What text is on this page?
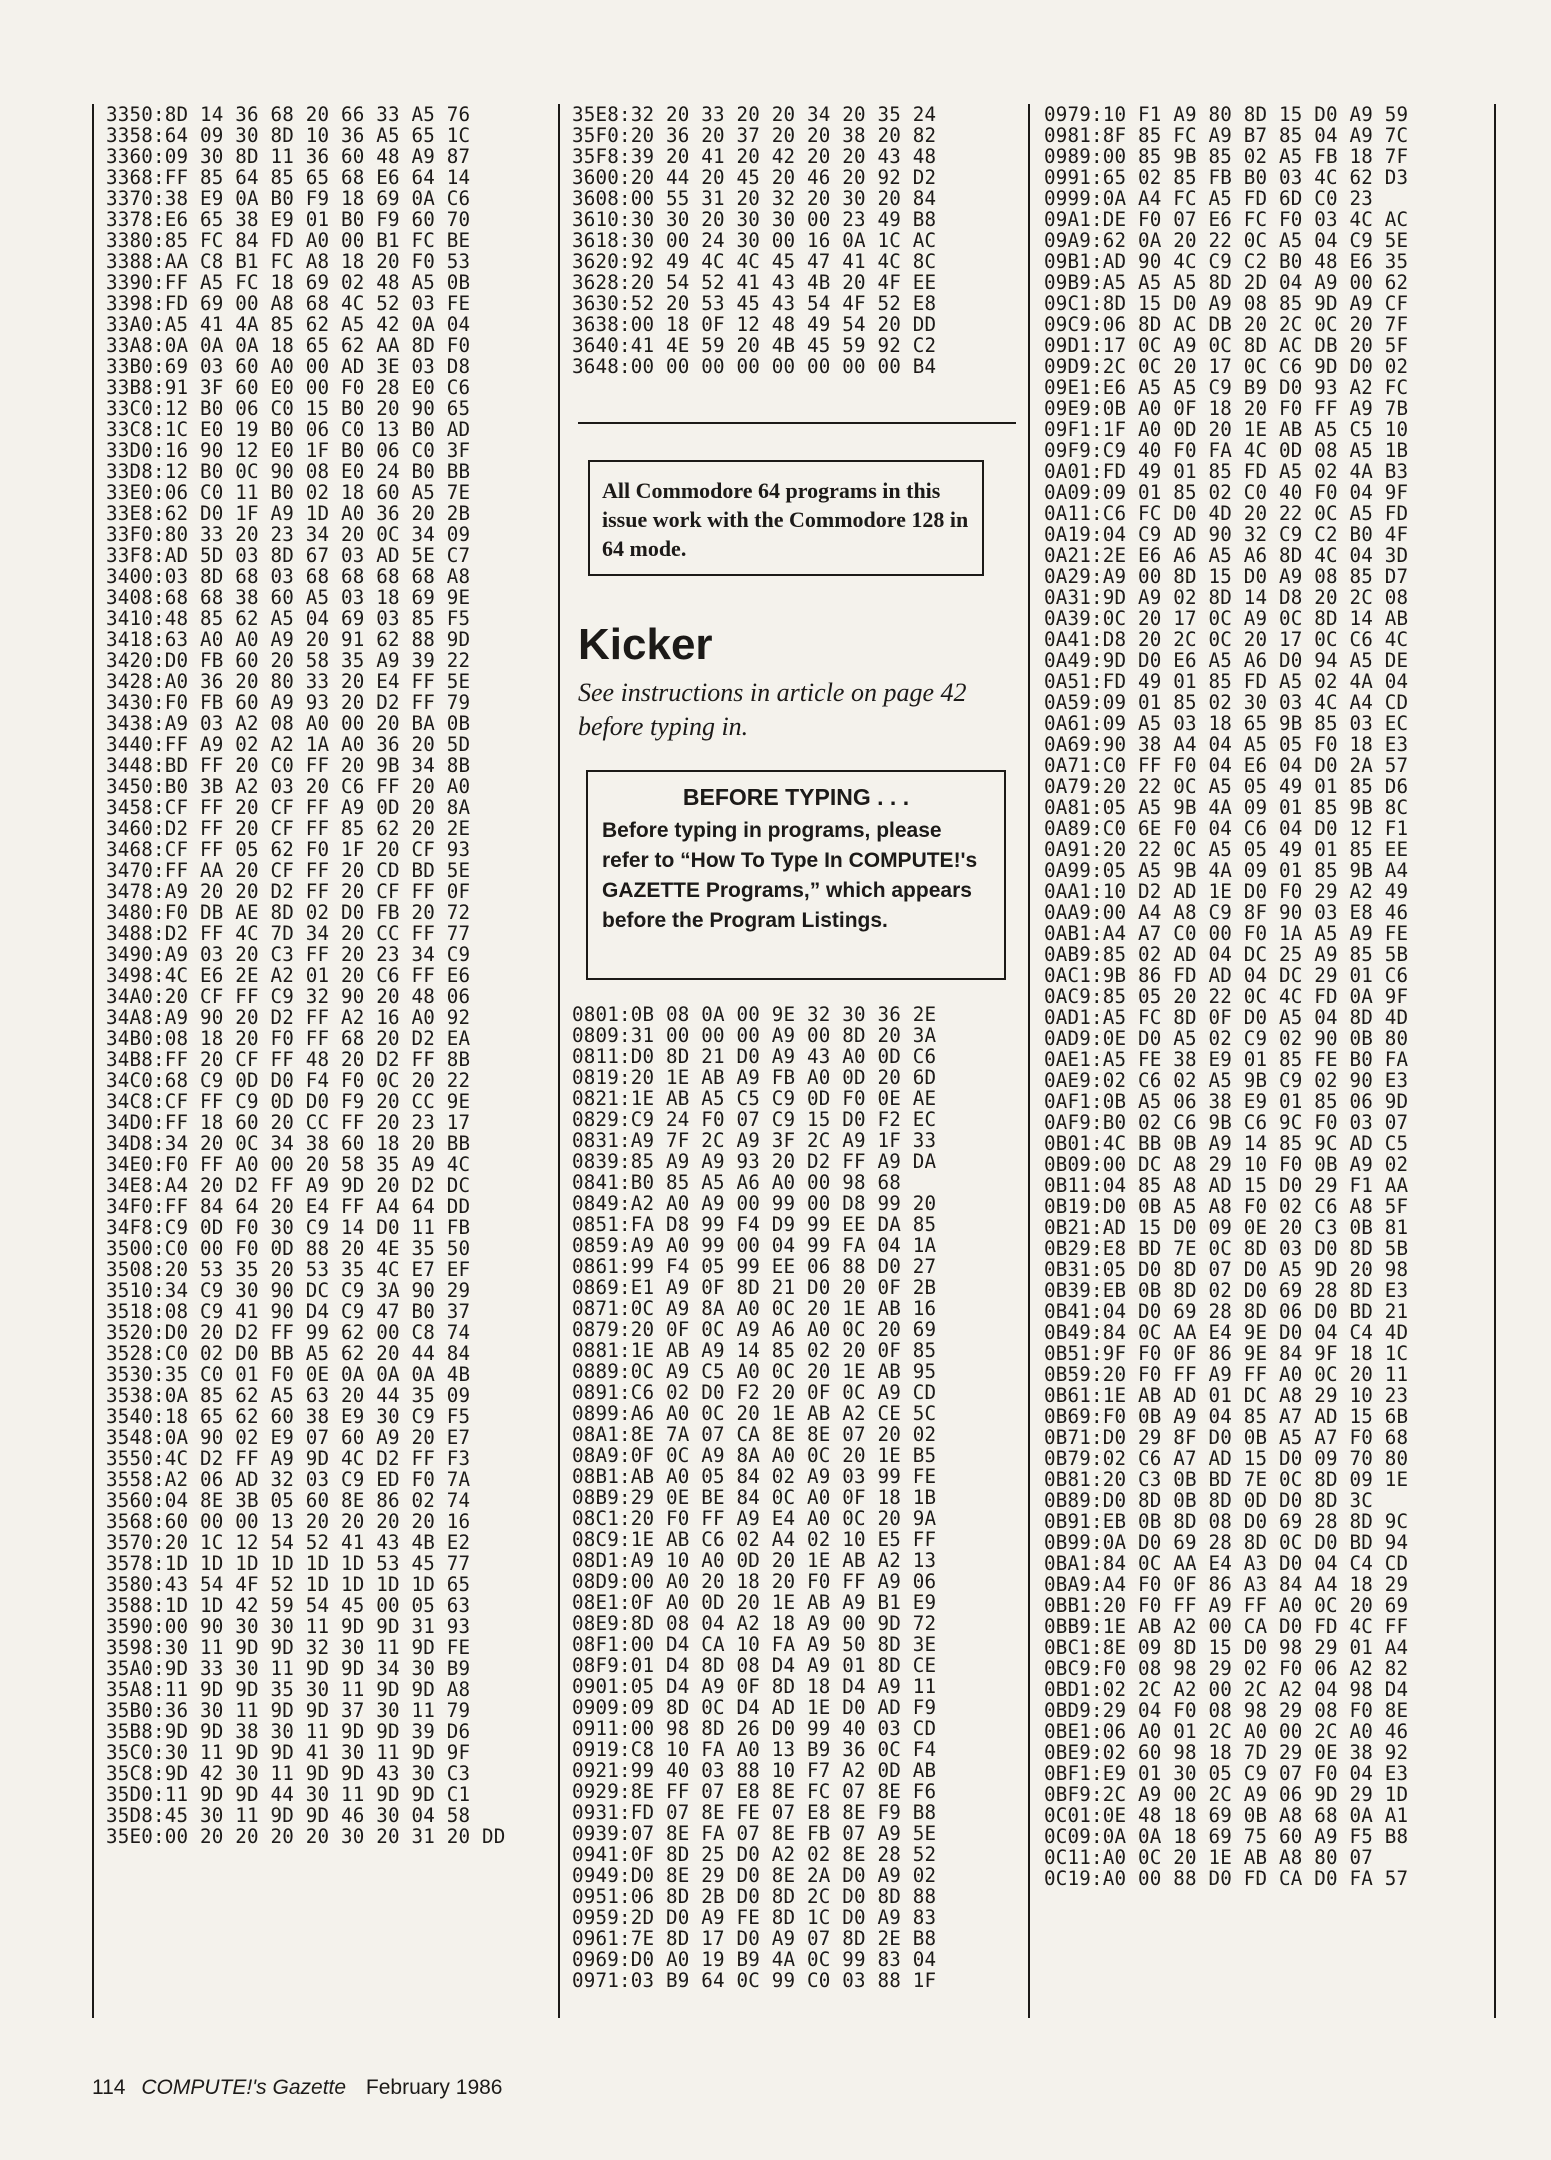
3350:8D 14 36 68 20 66 33 A5 76
3358:64 09 30 8D 10 36 A5 65 1C
3360:09 30 8D 11 36 60 48 A9 87
3368:FF 85 64 85 65 68 E6 64 14
3370:38 E9 0A B0 F9 18 69 0A C6
3378:E6 65 38 E9 01 B0 F9 60 70
3380:85 FC 84 FD A0 00 B1 FC BE
3388:AA C8 B1 FC A8 18 20 F0 53
3390:FF A5 FC 18 69 02 48 A5 0B
3398:FD 69 00 A8 68 4C 52 03 FE
33A0:A5 41 4A 85 62 A5 42 0A 04
33A8:0A 0A 0A 18 65 62 AA 8D F0
33B0:69 03 60 A0 00 AD 3E 03 D8
33B8:91 3F 60 E0 00 F0 28 E0 C6
33C0:12 B0 06 C0 15 B0 20 90 65
33C8:1C E0 19 B0 06 C0 13 B0 AD
33D0:16 90 12 E0 1F B0 06 C0 3F
33D8:12 B0 0C 90 08 E0 24 B0 BB
33E0:06 C0 11 B0 02 18 60 A5 7E
33E8:62 D0 1F A9 1D A0 36 20 2B
33F0:80 33 20 23 34 20 0C 34 09
33F8:AD 5D 03 8D 67 03 AD 5E C7
3400:03 8D 68 03 68 68 68 68 A8
3408:68 68 38 60 A5 03 18 69 9E
3410:48 85 62 A5 04 69 03 85 F5
3418:63 A0 A0 A9 20 91 62 88 9D
3420:D0 FB 60 20 58 35 A9 39 22
3428:A0 36 20 80 33 20 E4 FF 5E
3430:F0 FB 60 A9 93 20 D2 FF 79
3438:A9 03 A2 08 A0 00 20 BA 0B
3440:FF A9 02 A2 1A A0 36 20 5D
3448:BD FF 20 C0 FF 20 9B 34 8B
3450:B0 3B A2 03 20 C6 FF 20 A0
3458:CF FF 20 CF FF A9 0D 20 8A
3460:D2 FF 20 CF FF 85 62 20 2E
3468:CF FF 05 62 F0 1F 20 CF 93
3470:FF AA 20 CF FF 20 CD BD 5E
3478:A9 20 20 D2 FF 20 CF FF 0F
3480:F0 DB AE 8D 02 D0 FB 20 72
3488:D2 FF 4C 7D 34 20 CC FF 77
3490:A9 03 20 C3 FF 20 23 34 C9
3498:4C E6 2E A2 01 20 C6 FF E6
34A0:20 CF FF C9 32 90 20 48 06
34A8:A9 90 20 D2 FF A2 16 A0 92
34B0:08 18 20 F0 FF 68 20 D2 EA
34B8:FF 20 CF FF 48 20 D2 FF 8B
34C0:68 C9 0D D0 F4 F0 0C 20 22
34C8:CF FF C9 0D D0 F9 20 CC 9E
34D0:FF 18 60 20 CC FF 20 23 17
34D8:34 20 0C 34 38 60 18 20 BB
34E0:F0 FF A0 00 20 58 35 A9 4C
34E8:A4 20 D2 FF A9 9D 20 D2 DC
34F0:FF 84 64 20 E4 FF A4 64 DD
34F8:C9 0D F0 30 C9 14 D0 11 FB
3500:C0 00 F0 0D 88 20 4E 35 50
3508:20 53 35 20 53 35 4C E7 EF
3510:34 C9 30 90 DC C9 3A 90 29
3518:08 C9 41 90 D4 C9 47 B0 37
3520:D0 20 D2 FF 99 62 00 C8 74
3528:C0 02 D0 BB A5 62 20 44 84
3530:35 C0 01 F0 0E 0A 0A 0A 4B
3538:0A 85 62 A5 63 20 44 35 09
3540:18 65 62 60 38 E9 30 C9 F5
3548:0A 90 02 E9 07 60 A9 20 E7
3550:4C D2 FF A9 9D 4C D2 FF F3
3558:A2 06 AD 32 03 C9 ED F0 7A
3560:04 8E 3B 05 60 8E 86 02 74
3568:60 00 00 13 20 20 20 20 16
3570:20 1C 12 54 52 41 43 4B E2
3578:1D 1D 1D 1D 1D 1D 53 45 77
3580:43 54 4F 52 1D 1D 1D 1D 65
3588:1D 1D 42 59 54 45 00 05 63
3590:00 90 30 30 11 9D 9D 31 93
3598:30 11 9D 9D 32 30 11 9D FE
35A0:9D 33 30 11 9D 9D 34 30 B9
35A8:11 9D 9D 35 30 11 9D 9D A8
35B0:36 30 11 9D 9D 37 30 11 79
35B8:9D 9D 38 30 11 9D 9D 39 D6
35C0:30 11 9D 9D 41 30 11 9D 9F
35C8:9D 42 30 11 9D 9D 43 30 C3
35D0:11 9D 9D 44 30 11 9D 9D C1
35D8:45 30 11 9D 9D 46 30 04 58
35E0:00 20 20 20 20 30 20 31 20 DD
35E8:32 20 33 20 20 34 20 35 24
35F0:20 36 20 37 20 20 38 20 82
35F8:39 20 41 20 42 20 20 43 48
3600:20 44 20 45 20 46 20 92 D2
3608:00 55 31 20 32 20 30 20 84
3610:30 30 20 30 30 00 23 49 B8
3618:30 00 24 30 00 16 0A 1C AC
3620:92 49 4C 4C 45 47 41 4C 8C
3628:20 54 52 41 43 4B 20 4F EE
3630:52 20 53 45 43 54 4F 52 E8
3638:00 18 0F 12 48 49 54 20 DD
3640:41 4E 59 20 4B 45 59 92 C2
3648:00 00 00 00 00 00 00 00 B4
0801:0B 08 0A 00 9E 32 30 36 2E
0809:31 00 00 00 A9 00 8D 20 3A
0811:D0 8D 21 D0 A9 43 A0 0D C6
0819:20 1E AB A9 FB A0 0D 20 6D
0821:1E AB A5 C5 C9 0D F0 0E AE
0829:C9 24 F0 07 C9 15 D0 F2 EC
0831:A9 7F 2C A9 3F 2C A9 1F 33
0839:85 A9 A9 93 20 D2 FF A9 DA
0841:B0 85 A5 A6 A0 00 98 68
0849:A2 A0 A9 00 99 00 D8 99 20
0851:FA D8 99 F4 D9 99 EE DA 85
0859:A9 A0 99 00 04 99 FA 04 1A
0861:99 F4 05 99 EE 06 88 D0 27
0869:E1 A9 0F 8D 21 D0 20 0F 2B
0871:0C A9 8A A0 0C 20 1E AB 16
0879:20 0F 0C A9 A6 A0 0C 20 69
0881:1E AB A9 14 85 02 20 0F 85
0889:0C A9 C5 A0 0C 20 1E AB 95
0891:C6 02 D0 F2 20 0F 0C A9 CD
0899:A6 A0 0C 20 1E AB A2 CE 5C
08A1:8E 7A 07 CA 8E 8E 07 20 02
08A9:0F 0C A9 8A A0 0C 20 1E B5
08B1:AB A0 05 84 02 A9 03 99 FE
08B9:29 0E BE 84 0C A0 0F 18 1B
08C1:20 F0 FF A9 E4 A0 0C 20 9A
08C9:1E AB C6 02 A4 02 10 E5 FF
08D1:A9 10 A0 0D 20 1E AB A2 13
08D9:00 A0 20 18 20 F0 FF A9 06
08E1:0F A0 0D 20 1E AB A9 B1 E9
08E9:8D 08 04 A2 18 A9 00 9D 72
08F1:00 D4 CA 10 FA A9 50 8D 3E
08F9:01 D4 8D 08 D4 A9 01 8D CE
0901:05 D4 A9 0F 8D 18 D4 A9 11
0909:09 8D 0C D4 AD 1E D0 AD F9
0911:00 98 8D 26 D0 99 40 03 CD
0919:C8 10 FA A0 13 B9 36 0C F4
0921:99 40 03 88 10 F7 A2 0D AB
0929:8E FF 07 E8 8E FC 07 8E F6
0931:FD 07 8E FE 07 E8 8E F9 B8
0939:07 8E FA 07 8E FB 07 A9 5E
0941:0F 8D 25 D0 A2 02 8E 28 52
0949:D0 8E 29 D0 8E 2A D0 A9 02
0951:06 8D 2B D0 8D 2C D0 8D 88
0959:2D D0 A9 FE 8D 1C D0 A9 83
0961:7E 8D 17 D0 A9 07 8D 2E B8
0969:D0 A0 19 B9 4A 0C 99 83 04
0971:03 B9 64 0C 99 C0 03 88 1F
0979:10 F1 A9 80 8D 15 D0 A9 59
0981:8F 85 FC A9 B7 85 04 A9 7C
0989:00 85 9B 85 02 A5 FB 18 7F
0991:65 02 85 FB B0 03 4C 62 D3
0999:0A A4 FC A5 FD 6D C0 23
09A1:DE F0 07 E6 FC F0 03 4C AC
09A9:62 0A 20 22 0C A5 04 C9 5E
09B1:AD 90 4C C9 C2 B0 48 E6 35
09B9:A5 A5 A5 8D 2D 04 A9 00 62
09C1:8D 15 D0 A9 08 85 9D A9 CF
09C9:06 8D AC DB 20 2C 0C 20 7F
09D1:17 0C A9 0C 8D AC DB 20 5F
09D9:2C 0C 20 17 0C C6 9D D0 02
09E1:E6 A5 A5 C9 B9 D0 93 A2 FC
09E9:0B A0 0F 18 20 F0 FF A9 7B
09F1:1F A0 0D 20 1E AB A5 C5 10
09F9:C9 40 F0 FA 4C 0D 08 A5 1B
0A01:FD 49 01 85 FD A5 02 4A B3
0A09:09 01 85 02 C0 40 F0 04 9F
0A11:C6 FC D0 4D 20 22 0C A5 FD
0A19:04 C9 AD 90 32 C9 C2 B0 4F
0A21:2E E6 A6 A5 A6 8D 4C 04 3D
0A29:A9 00 8D 15 D0 A9 08 85 D7
0A31:9D A9 02 8D 14 D8 20 2C 08
0A39:0C 20 17 0C A9 0C 8D 14 AB
0A41:D8 20 2C 0C 20 17 0C C6 4C
0A49:9D D0 E6 A5 A6 D0 94 A5 DE
0A51:FD 49 01 85 FD A5 02 4A 04
0A59:09 01 85 02 30 03 4C A4 CD
0A61:09 A5 03 18 65 9B 85 03 EC
0A69:90 38 A4 04 A5 05 F0 18 E3
0A71:C0 FF F0 04 E6 04 D0 2A 57
0A79:20 22 0C A5 05 49 01 85 D6
0A81:05 A5 9B 4A 09 01 85 9B 8C
0A89:C0 6E F0 04 C6 04 D0 12 F1
0A91:20 22 0C A5 05 49 01 85 EE
0A99:05 A5 9B 4A 09 01 85 9B A4
0AA1:10 D2 AD 1E D0 F0 29 A2 49
0AA9:00 A4 A8 C9 8F 90 03 E8 46
0AB1:A4 A7 C0 00 F0 1A A5 A9 FE
0AB9:85 02 AD 04 DC 25 A9 85 5B
0AC1:9B 86 FD AD 04 DC 29 01 C6
0AC9:85 05 20 22 0C 4C FD 0A 9F
0AD1:A5 FC 8D 0F D0 A5 04 8D 4D
0AD9:0E D0 A5 02 C9 02 90 0B 80
0AE1:A5 FE 38 E9 01 85 FE B0 FA
0AE9:02 C6 02 A5 9B C9 02 90 E3
0AF1:0B A5 06 38 E9 01 85 06 9D
0AF9:B0 02 C6 9B C6 9C F0 03 07
0B01:4C BB 0B A9 14 85 9C AD C5
0B09:00 DC A8 29 10 F0 0B A9 02
0B11:04 85 A8 AD 15 D0 29 F1 AA
0B19:D0 0B A5 A8 F0 02 C6 A8 5F
0B21:AD 15 D0 09 0E 20 C3 0B 81
0B29:E8 BD 7E 0C 8D 03 D0 8D 5B
0B31:05 D0 8D 07 D0 A5 9D 20 98
0B39:EB 0B 8D 02 D0 69 28 8D E3
0B41:04 D0 69 28 8D 06 D0 BD 21
0B49:84 0C AA E4 9E D0 04 C4 4D
0B51:9F F0 0F 86 9E 84 9F 18 1C
0B59:20 F0 FF A9 FF A0 0C 20 11
0B61:1E AB AD 01 DC A8 29 10 23
0B69:F0 0B A9 04 85 A7 AD 15 6B
0B71:D0 29 8F D0 0B A5 A7 F0 68
0B79:02 C6 A7 AD 15 D0 09 70 80
0B81:20 C3 0B BD 7E 0C 8D 09 1E
0B89:D0 8D 0B 8D 0D D0 8D 3C
0B91:EB 0B 8D 08 D0 69 28 8D 9C
0B99:0A D0 69 28 8D 0C D0 BD 94
0BA1:84 0C AA E4 A3 D0 04 C4 CD
0BA9:A4 F0 0F 86 A3 84 A4 18 29
0BB1:20 F0 FF A9 FF A0 0C 20 69
0BB9:1E AB A2 00 CA D0 FD 4C FF
0BC1:8E 09 8D 15 D0 98 29 01 A4
0BC9:F0 08 98 29 02 F0 06 A2 82
0BD1:02 2C A2 00 2C A2 04 98 D4
0BD9:29 04 F0 08 98 29 08 F0 8E
0BE1:06 A0 01 2C A0 00 2C A0 46
0BE9:02 60 98 18 7D 29 0E 38 92
0BF1:E9 01 30 05 C9 07 F0 04 E3
0BF9:2C A9 00 2C A9 06 9D 29 1D
0C01:0E 48 18 69 0B A8 68 0A A1
0C09:0A 0A 18 69 75 60 A9 F5 B8
0C11:A0 0C 20 1E AB A8 80 07
0C19:A0 00 88 D0 FD CA D0 FA 57
All Commodore 64 programs in this issue work with the Commodore 128 in 64 mode.
Kicker
See instructions in article on page 42 before typing in.
BEFORE TYPING . . .
Before typing in programs, please refer to “How To Type In COMPUTE!'s GAZETTE Programs,” which appears before the Program Listings.
114 COMPUTE!'s Gazette February 1986
